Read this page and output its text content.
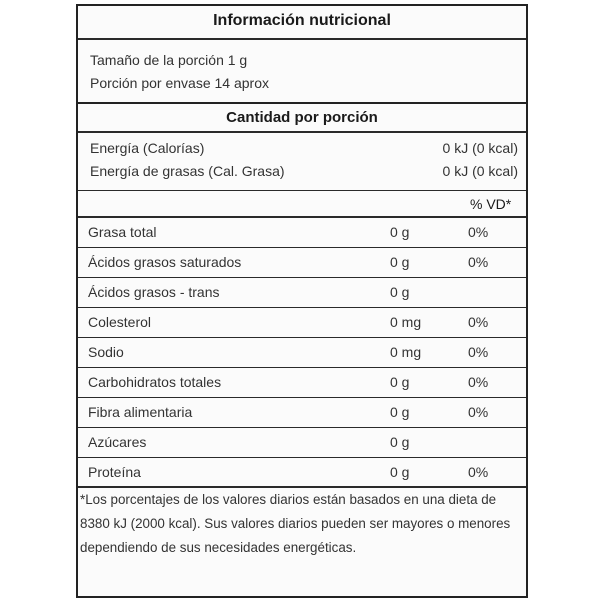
Información nutricional
Tamaño de la porción 1 g
Porción por envase 14 aprox
Cantidad por porción
Energía (Calorías)	0 kJ (0 kcal)
Energía de grasas (Cal. Grasa)	0 kJ (0 kcal)
% VD*
Grasa total	0 g	0%
Ácidos grasos saturados	0 g	0%
Ácidos grasos - trans	0 g
Colesterol	0 mg	0%
Sodio	0 mg	0%
Carbohidratos totales	0 g	0%
Fibra alimentaria	0 g	0%
Azúcares	0 g
Proteína	0 g	0%

*Los porcentajes de los valores diarios están basados en una dieta de 8380 kJ (2000 kcal). Sus valores diarios pueden ser mayores o menores dependiendo de sus necesidades energéticas.
